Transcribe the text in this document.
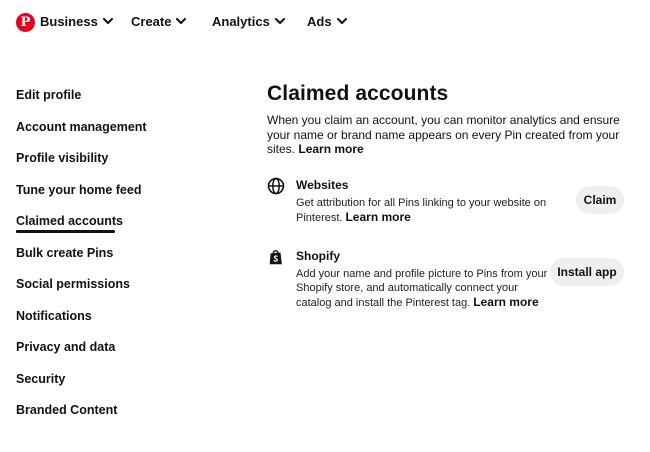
P Business	Create	Analytics	Ads
Edit profile
Account management
Profile visibility
Tune your home feed
Claimed accounts
Bulk create Pins
Social permissions
Notifications
Privacy and data
Security
Branded Content
Claimed accounts

When you claim an account, you can monitor analytics and ensure your name or brand name appears on every Pin created from your sites. Learn more

Websites
Get attribution for all Pins linking to your website on Pinterest. Learn more
Claim
Shopify
Add your name and profile picture to Pins from your Shopify store, and automatically connect your catalog and install the Pinterest tag. Learn more
Install app
